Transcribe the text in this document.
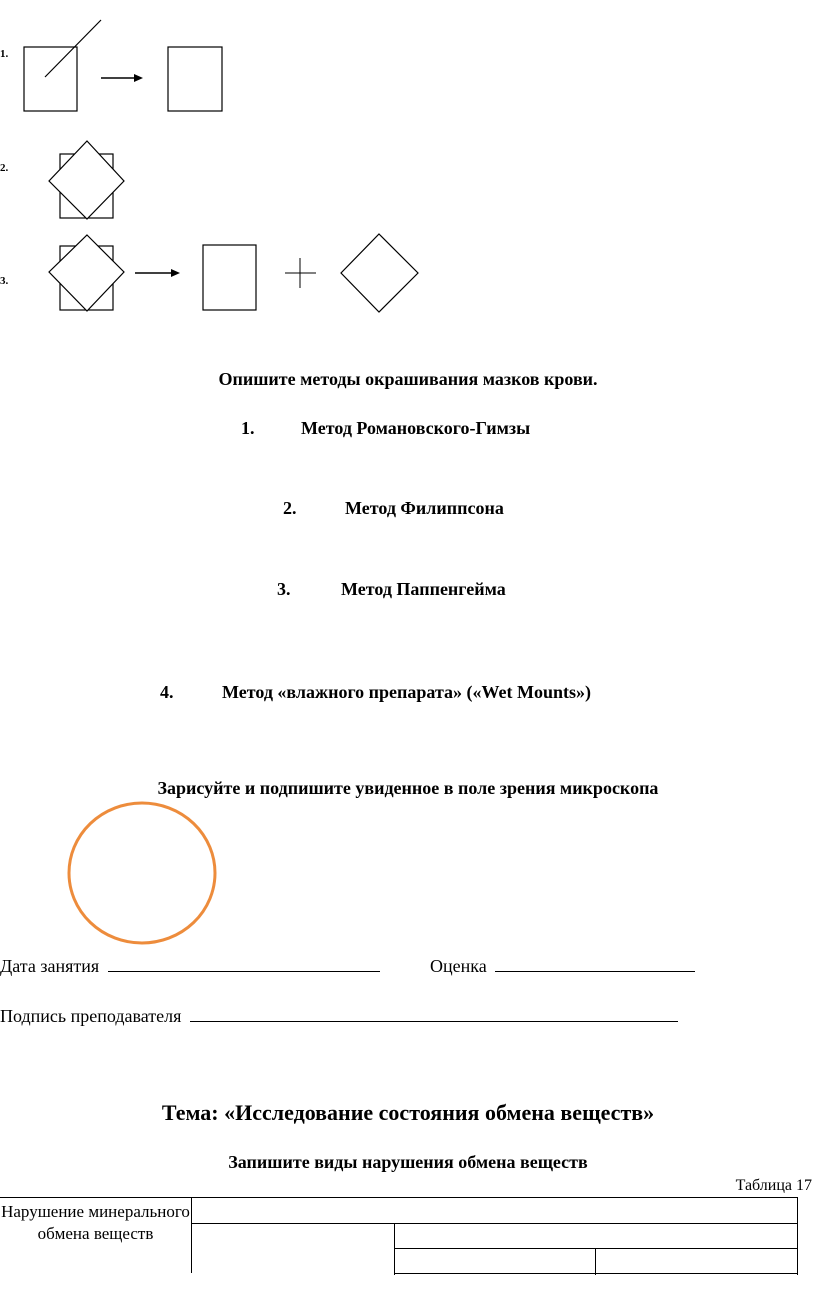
1.
2.
3.
Опишите методы окрашивания мазков крови.
1.	Метод Романовского-Гимзы
2.	Метод Филиппсона
3.	Метод Паппенгейма
4.	Метод «влажного препарата» («Wet Mounts»)
Зарисуйте и подпишите увиденное в поле зрения микроскопа
Дата занятия	Оценка
Подпись преподавателя
Тема: «Исследование состояния обмена веществ»
Запишите виды нарушения обмена веществ
Таблица 17
Нарушение минерального обмена веществ
